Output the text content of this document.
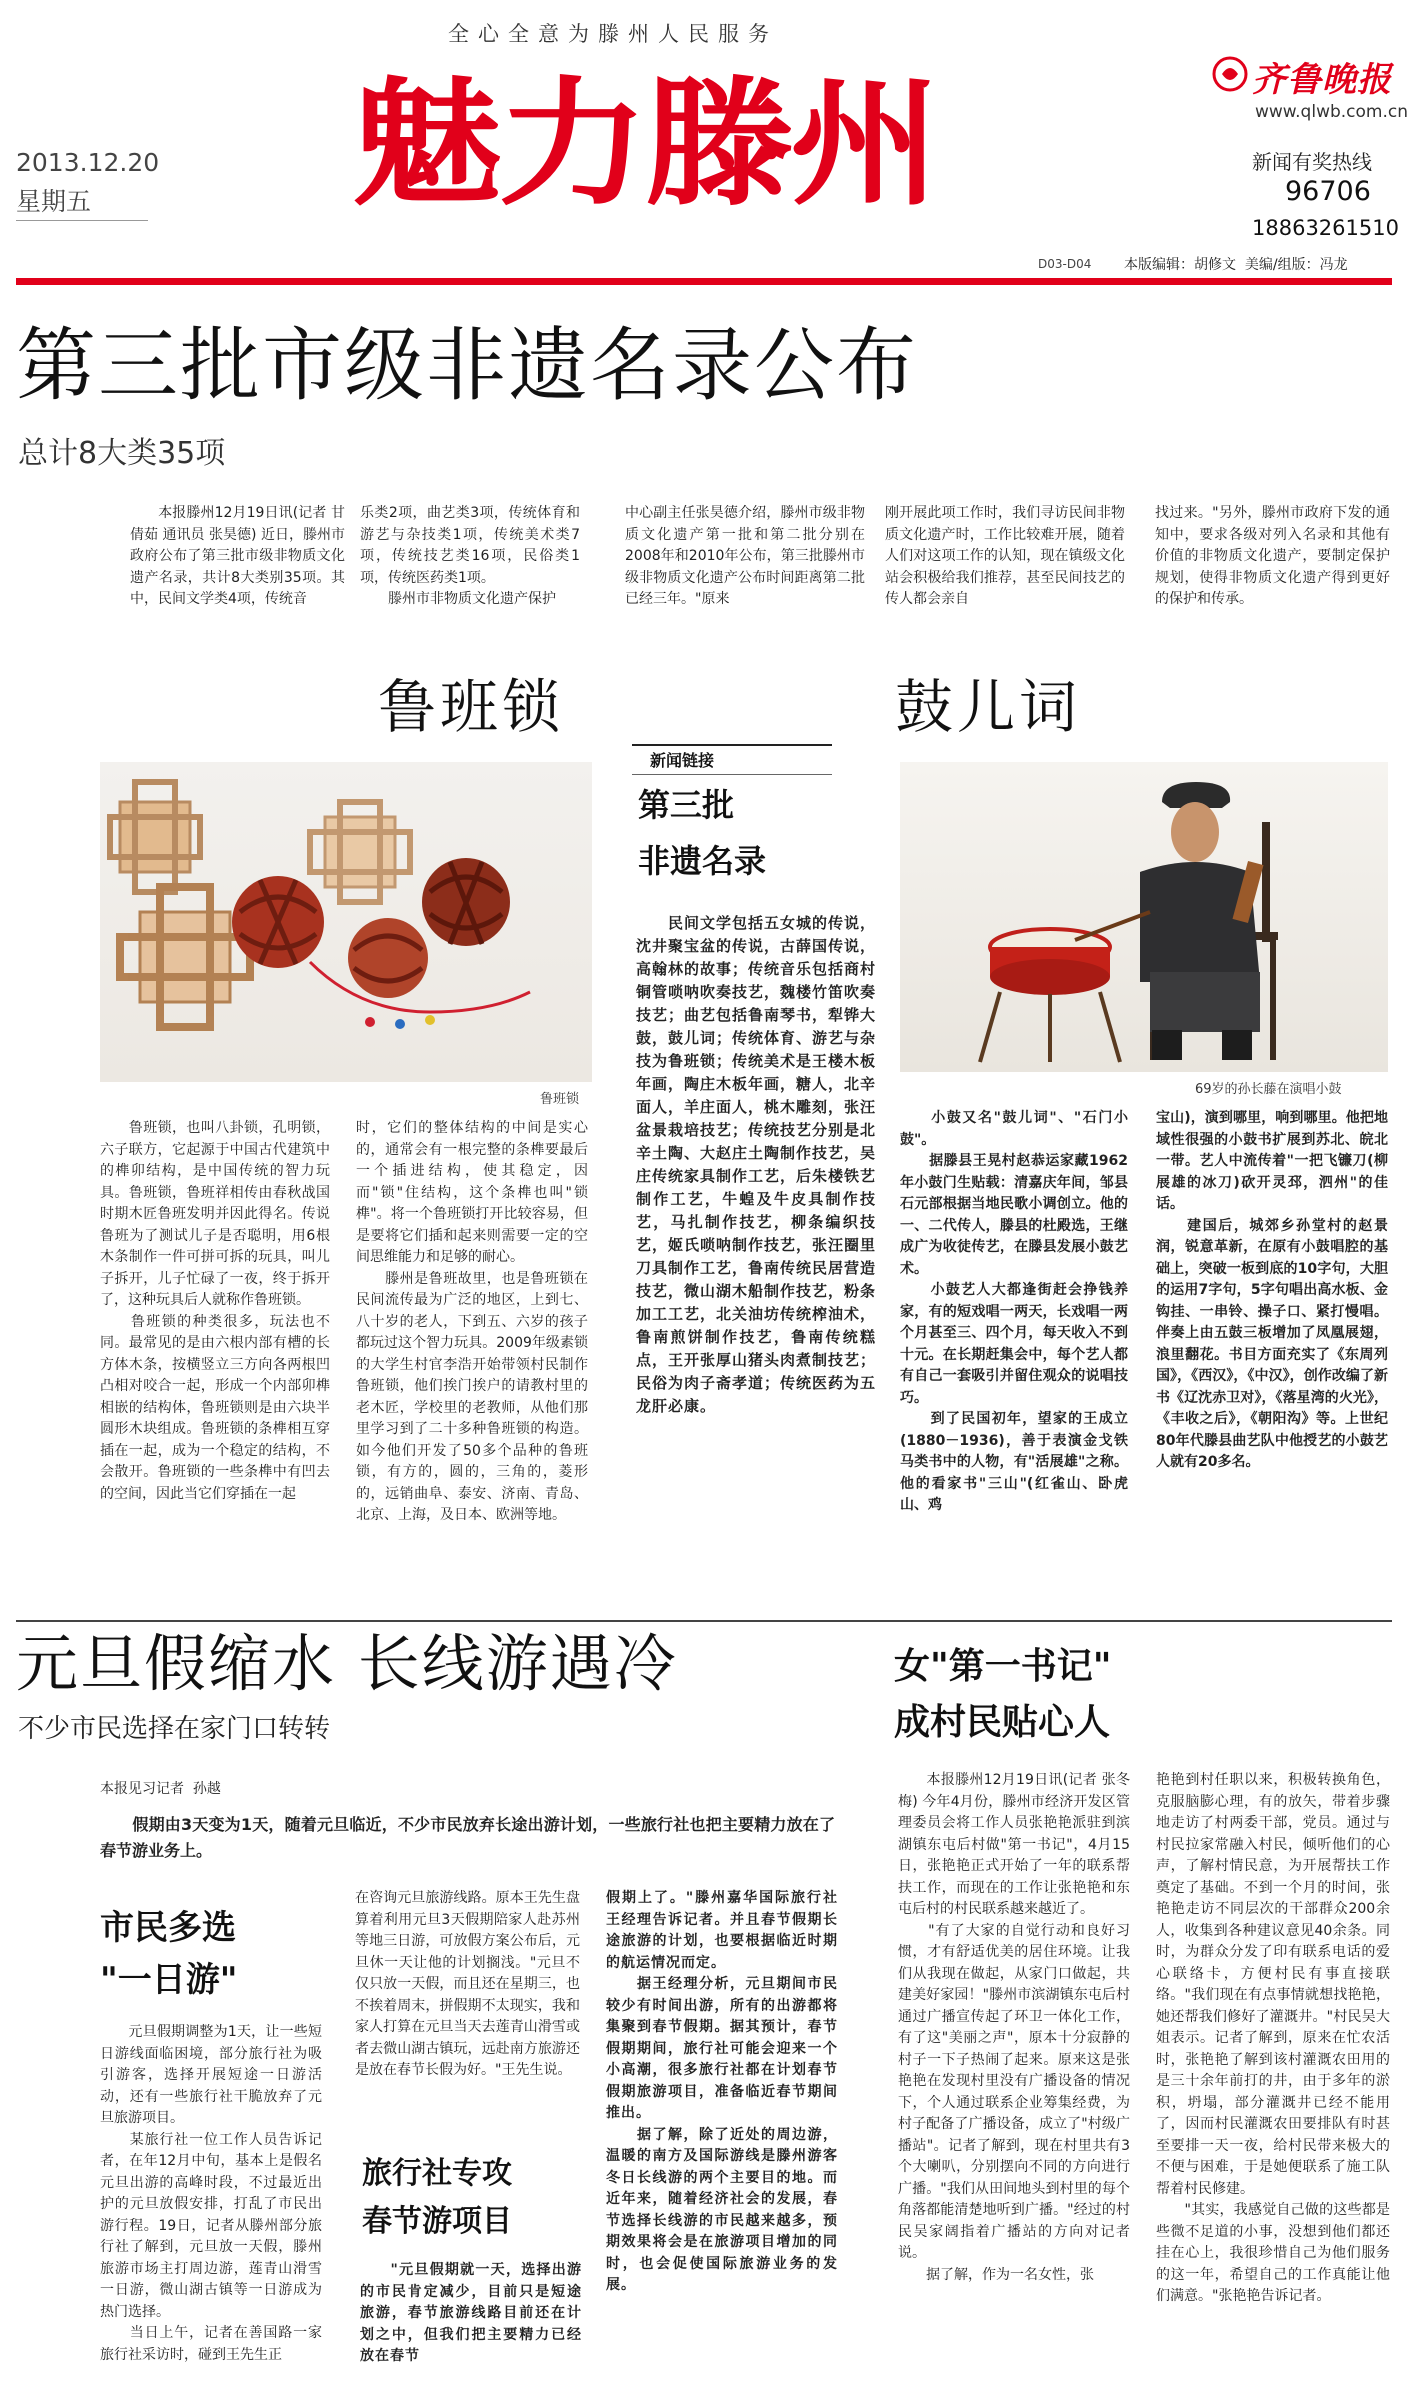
全心全意为滕州人民服务
魅力滕州
2013.12.20
星期五
D03-D04
齐鲁晚报
www.qlwb.com.cn
新闻有奖热线
96706
18863261510
本版编辑：胡修文  美编/组版：冯龙
第三批市级非遗名录公布
总计8大类35项
　　本报滕州12月19日讯(记者 甘倩茹 通讯员 张昊德) 近日，滕州市政府公布了第三批市级非物质文化遗产名录，共计8大类别35项。其中，民间文学类4项，传统音
乐类2项，曲艺类3项，传统体育和游艺与杂技类1项，传统美术类7项，传统技艺类16项，民俗类1项，传统医药类1项。
　　滕州市非物质文化遗产保护
中心副主任张昊德介绍，滕州市级非物质文化遗产第一批和第二批分别在2008年和2010年公布，第三批滕州市级非物质文化遗产公布时间距离第二批已经三年。"原来
刚开展此项工作时，我们寻访民间非物质文化遗产时，工作比较难开展，随着人们对这项工作的认知，现在镇级文化站会积极给我们推荐，甚至民间技艺的传人都会亲自
找过来。"另外，滕州市政府下发的通知中，要求各级对列入名录和其他有价值的非物质文化遗产，要制定保护规划，使得非物质文化遗产得到更好的保护和传承。
鲁班锁
鲁班锁
　　鲁班锁，也叫八卦锁，孔明锁，六子联方，它起源于中国古代建筑中的榫卯结构，是中国传统的智力玩具。鲁班锁，鲁班祥相传由春秋战国时期木匠鲁班发明并因此得名。传说鲁班为了测试儿子是否聪明，用6根木条制作一件可拼可拆的玩具，叫儿子拆开，儿子忙碌了一夜，终于拆开了，这种玩具后人就称作鲁班锁。
　　鲁班锁的种类很多，玩法也不同。最常见的是由六根内部有槽的长方体木条，按横竖立三方向各两根凹凸相对咬合一起，形成一个内部卯榫相嵌的结构体，鲁班锁则是由六块半圆形木块组成。鲁班锁的条榫相互穿插在一起，成为一个稳定的结构，不会散开。鲁班锁的一些条榫中有凹去的空间，因此当它们穿插在一起
时，它们的整体结构的中间是实心的，通常会有一根完整的条榫要最后一个插进结构，使其稳定，因而"锁"住结构，这个条榫也叫"锁榫"。将一个鲁班锁打开比较容易，但是要将它们插和起来则需要一定的空间思维能力和足够的耐心。
　　滕州是鲁班故里，也是鲁班锁在民间流传最为广泛的地区，上到七、八十岁的老人，下到五、六岁的孩子都玩过这个智力玩具。2009年级素锁的大学生村官李浩开始带领村民制作鲁班锁，他们挨门挨户的请教村里的老木匠，学校里的老教师，从他们那里学习到了二十多种鲁班锁的构造。如今他们开发了50多个品种的鲁班锁，有方的，圆的，三角的，菱形的，远销曲阜、泰安、济南、青岛、北京、上海，及日本、欧洲等地。
新闻链接
第三批
非遗名录
　　民间文学包括五女城的传说，沈井聚宝盆的传说，古薛国传说，高翰林的故事；传统音乐包括商村铜管唢呐吹奏技艺，魏楼竹笛吹奏技艺；曲艺包括鲁南琴书，犁铧大鼓，鼓儿词；传统体育、游艺与杂技为鲁班锁；传统美术是王楼木板年画，陶庄木板年画，糖人，北辛面人，羊庄面人，桃木雕刻，张汪盆景栽培技艺；传统技艺分别是北辛土陶、大赵庄土陶制作技艺，吴庄传统家具制作工艺，后朱楼铁艺制作工艺，牛蝗及牛皮具制作技艺，马扎制作技艺，柳条编织技艺，姬氏唢呐制作技艺，张汪圈里刀具制作工艺，鲁南传统民居营造技艺，微山湖木船制作技艺，粉条加工工艺，北关油坊传统榨油术，鲁南煎饼制作技艺，鲁南传统糕点，王开张厚山猪头肉煮制技艺；民俗为肉子斋孝道；传统医药为五龙肝必康。
鼓儿词
69岁的孙长藤在演唱小鼓
　　小鼓又名"鼓儿词"、"石门小鼓"。
　　据滕县王晃村赵恭运家藏1962年小鼓门生贴载：清嘉庆年间，邹县石元部根据当地民歌小调创立。他的一、二代传人，滕县的杜殿选，王继成广为收徒传艺，在滕县发展小鼓艺术。
　　小鼓艺人大都逢街赶会挣钱养家，有的短戏唱一两天，长戏唱一两个月甚至三、四个月，每天收入不到十元。在长期赶集会中，每个艺人都有自己一套吸引并留住观众的说唱技巧。
　　到了民国初年，望家的王成立(1880－1936)，善于表演金戈铁马类书中的人物，有"活展雄"之称。他的看家书"三山"(红雀山、卧虎山、鸡
宝山)，演到哪里，响到哪里。他把地域性很强的小鼓书扩展到苏北、皖北一带。艺人中流传着"一把飞镰刀(柳展雄的冰刀)砍开灵邳，泗州"的佳话。
　　建国后，城郊乡孙堂村的赵景润，锐意革新，在原有小鼓唱腔的基础上，突破一板到底的10字句，大胆的运用7字句，5字句唱出高水板、金钩挂、一串铃、操子口、紧打慢唱。伴奏上由五鼓三板增加了凤凰展翅，浪里翻花。书目方面充实了《东周列国》，《西汉》，《中汉》，创作改编了新书《辽沈赤卫对》，《落星湾的火光》，《丰收之后》，《朝阳沟》等。上世纪80年代滕县曲艺队中他授艺的小鼓艺人就有20多名。
元旦假缩水 长线游遇冷
不少市民选择在家门口转转
本报见习记者  孙越
　　假期由3天变为1天，随着元旦临近，不少市民放弃长途出游计划，一些旅行社也把主要精力放在了春节游业务上。
市民多选
"一日游"
　　元旦假期调整为1天，让一些短日游线面临困境，部分旅行社为吸引游客，选择开展短途一日游活动，还有一些旅行社干脆放弃了元旦旅游项目。
　　某旅行社一位工作人员告诉记者，在年12月中旬，基本上是假名元旦出游的高峰时段，不过最近出护的元旦放假安排，打乱了市民出游行程。19日，记者从滕州部分旅行社了解到，元旦放一天假，滕州旅游市场主打周边游，莲青山滑雪一日游，微山湖古镇等一日游成为热门选择。
　　当日上午，记者在善国路一家旅行社采访时，碰到王先生正
在咨询元旦旅游线路。原本王先生盘算着利用元旦3天假期陪家人赴苏州等地三日游，可放假方案公布后，元旦休一天让他的计划搁浅。"元旦不仅只放一天假，而且还在星期三，也不挨着周末，拼假期不太现实，我和家人打算在元旦当天去莲青山滑雪或者去微山湖古镇玩，远赴南方旅游还是放在春节长假为好。"王先生说。
旅行社专攻
春节游项目
　　"元旦假期就一天，选择出游的市民肯定减少，目前只是短途旅游，春节旅游线路目前还在计划之中，但我们把主要精力已经放在春节
假期上了。"滕州嘉华国际旅行社王经理告诉记者。并且春节假期长途旅游的计划，也要根据临近时期的航运情况而定。
　　据王经理分析，元旦期间市民较少有时间出游，所有的出游都将集聚到春节假期。据其预计，春节假期期间，旅行社可能会迎来一个小高潮，很多旅行社都在计划春节假期旅游项目，准备临近春节期间推出。
　　据了解，除了近处的周边游，温暖的南方及国际游线是滕州游客冬日长线游的两个主要目的地。而近年来，随着经济社会的发展，春节选择长线游的市民越来越多，预期效果将会是在旅游项目增加的同时，也会促使国际旅游业务的发展。
女"第一书记"
成村民贴心人
　　本报滕州12月19日讯(记者 张冬梅) 今年4月份，滕州市经济开发区管理委员会将工作人员张艳艳派驻到滨湖镇东屯后村做"第一书记"，4月15日，张艳艳正式开始了一年的联系帮扶工作，而现在的工作让张艳艳和东屯后村的村民联系越来越近了。
　　"有了大家的自觉行动和良好习惯，才有舒适优美的居住环境。让我们从我现在做起，从家门口做起，共建美好家园！"滕州市滨湖镇东屯后村通过广播宣传起了环卫一体化工作，有了这"美丽之声"，原本十分寂静的村子一下子热闹了起来。原来这是张艳艳在发现村里没有广播设备的情况下，个人通过联系企业筹集经费，为村子配备了广播设备，成立了"村级广播站"。记者了解到，现在村里共有3个大喇叭，分别摆向不同的方向进行广播。"我们从田间地头到村里的每个角落都能清楚地听到广播。"经过的村民吴家阔指着广播站的方向对记者说。
　　据了解，作为一名女性，张
艳艳到村任职以来，积极转换角色，克服脑膨心理，有的放矢，带着步骤地走访了村两委干部，党员。通过与村民拉家常融入村民，倾听他们的心声，了解村情民意，为开展帮扶工作奠定了基础。不到一个月的时间，张艳艳走访不同层次的干部群众200余人，收集到各种建议意见40余条。同时，为群众分发了印有联系电话的爱心联络卡，方便村民有事直接联络。"我们现在有点事情就想找艳艳，她还帮我们修好了灌溉井。"村民吴大姐表示。记者了解到，原来在忙农活时，张艳艳了解到该村灌溉农田用的是三十余年前打的井，由于多年的淤积，坍塌，部分灌溉井已经不能用了，因而村民灌溉农田要排队有时甚至要排一天一夜，给村民带来极大的不便与困难，于是她便联系了施工队帮着村民修建。
　　"其实，我感觉自己做的这些都是些微不足道的小事，没想到他们都还挂在心上，我很珍惜自己为他们服务的这一年，希望自己的工作真能让他们满意。"张艳艳告诉记者。
